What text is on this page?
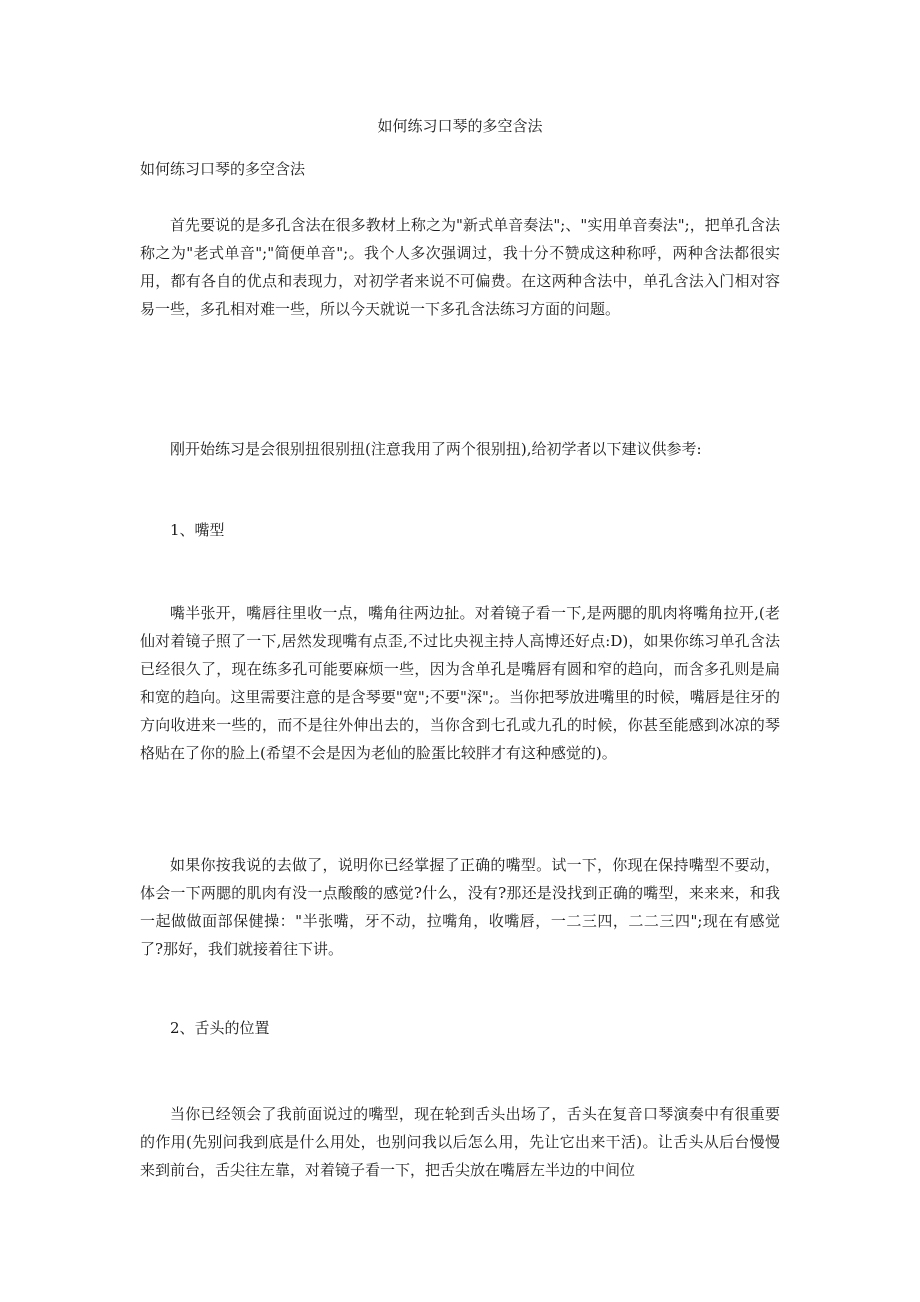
如何练习口琴的多空含法

如何练习口琴的多空含法

首先要说的是多孔含法在很多教材上称之为"新式单音奏法";、"实用单音奏法";，把单孔含法称之为"老式单音";"简便单音";。我个人多次强调过，我十分不赞成这种称呼，两种含法都很实用，都有各自的优点和表现力，对初学者来说不可偏费。在这两种含法中，单孔含法入门相对容易一些，多孔相对难一些，所以今天就说一下多孔含法练习方面的问题。

刚开始练习是会很别扭很别扭(注意我用了两个很别扭),给初学者以下建议供参考:

1、嘴型

嘴半张开，嘴唇往里收一点，嘴角往两边扯。对着镜子看一下,是两腮的肌肉将嘴角拉开,(老仙对着镜子照了一下,居然发现嘴有点歪,不过比央视主持人高博还好点:D)，如果你练习单孔含法已经很久了，现在练多孔可能要麻烦一些，因为含单孔是嘴唇有圆和窄的趋向，而含多孔则是扁和宽的趋向。这里需要注意的是含琴要"宽";不要"深";。当你把琴放进嘴里的时候，嘴唇是往牙的方向收进来一些的，而不是往外伸出去的，当你含到七孔或九孔的时候，你甚至能感到冰凉的琴格贴在了你的脸上(希望不会是因为老仙的脸蛋比较胖才有这种感觉的)。

如果你按我说的去做了，说明你已经掌握了正确的嘴型。试一下，你现在保持嘴型不要动，体会一下两腮的肌肉有没一点酸酸的感觉?什么，没有?那还是没找到正确的嘴型，来来来，和我一起做做面部保健操："半张嘴，牙不动，拉嘴角，收嘴唇，一二三四，二二三四";现在有感觉了?那好，我们就接着往下讲。

2、舌头的位置

当你已经领会了我前面说过的嘴型，现在轮到舌头出场了，舌头在复音口琴演奏中有很重要的作用(先别问我到底是什么用处，也别问我以后怎么用，先让它出来干活)。让舌头从后台慢慢来到前台，舌尖往左靠，对着镜子看一下，把舌尖放在嘴唇左半边的中间位
